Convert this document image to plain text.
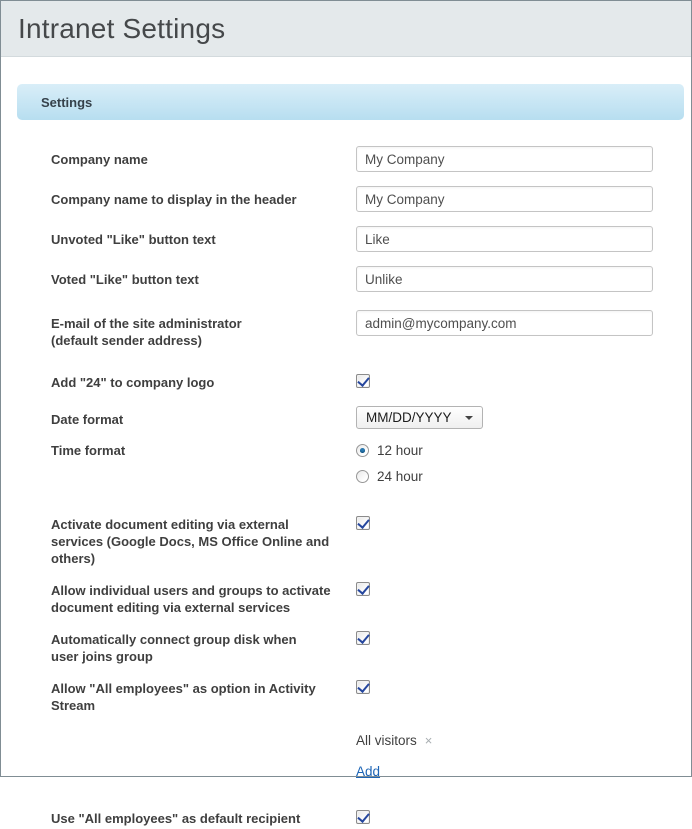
Intranet Settings
Settings
Company name
My Company
Company name to display in the header
My Company
Unvoted "Like" button text
Like
Voted "Like" button text
Unlike
E-mail of the site administrator
(default sender address)
admin@mycompany.com
Add "24" to company logo
Date format	MM/DD/YYYY
Time format	12 hour
24 hour
Activate document editing via external
services (Google Docs, MS Office Online and others)
Allow individual users and groups to activate
document editing via external services
Automatically connect group disk when
user joins group
Allow "All employees" as option in Activity Stream
All visitors ×
Add
Use "All employees" as default recipient
